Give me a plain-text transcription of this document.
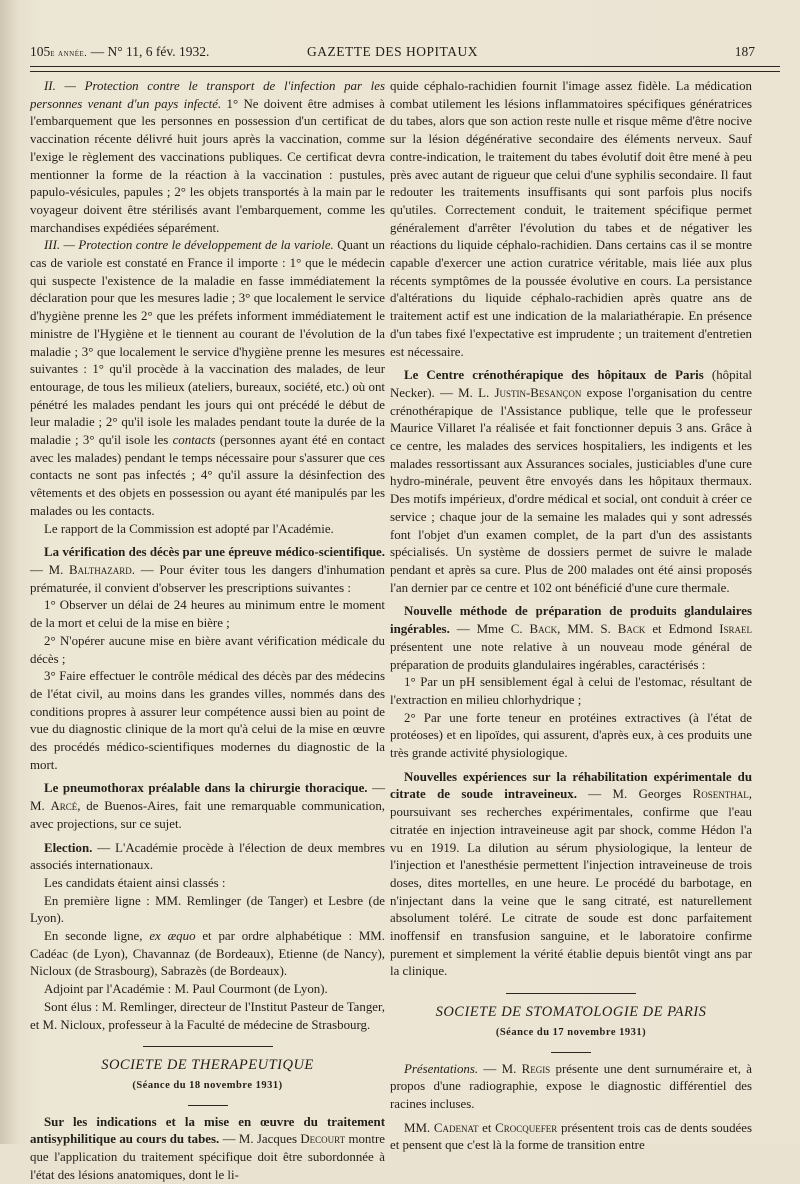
105e année. — N° 11, 6 fév. 1932.	GAZETTE DES HOPITAUX	187

II. — Protection contre le transport de l'infection par les personnes venant d'un pays infecté. 1° Ne doivent être admises à l'embarquement que les personnes en possession d'un certificat de vaccination récente délivré huit jours après la vaccination, comme l'exige le règlement des vaccinations publiques. Ce certificat devra mentionner la forme de la réaction à la vaccination : pustules, papulo-vésicules, papules ; 2° les objets transportés à la main par le voyageur doivent être stérilisés avant l'embarquement, comme les marchandises expédiées séparément.

III. — Protection contre le développement de la variole. Quant un cas de variole est constaté en France il importe : 1° que le médecin qui suspecte l'existence de la maladie en fasse immédiatement la déclaration pour que les mesures ladie ; 3° que localement le service d'hygiène prenne les 2° que les préfets informent immédiatement le ministre de l'Hygiène et le tiennent au courant de l'évolution de la maladie ; 3° que localement le service d'hygiène prenne les mesures suivantes : 1° qu'il procède à la vaccination des malades, de leur entourage, de tous les milieux (ateliers, bureaux, société, etc.) où ont pénétré les malades pendant les jours qui ont précédé le début de leur maladie ; 2° qu'il isole les malades pendant toute la durée de la maladie ; 3° qu'il isole les contacts (personnes ayant été en contact avec les malades) pendant le temps nécessaire pour s'assurer que ces contacts ne sont pas infectés ; 4° qu'il assure la désinfection des vêtements et des objets en possession ou ayant été manipulés par les malades ou les contacts.

Le rapport de la Commission est adopté par l'Académie.

La vérification des décès par une épreuve médico-scientifique. — M. Balthazard. — Pour éviter tous les dangers d'inhumation prématurée, il convient d'observer les prescriptions suivantes :

1° Observer un délai de 24 heures au minimum entre le moment de la mort et celui de la mise en bière ;

2° N'opérer aucune mise en bière avant vérification médicale du décès ;

3° Faire effectuer le contrôle médical des décès par des médecins de l'état civil, au moins dans les grandes villes, nommés dans des conditions propres à assurer leur compétence aussi bien au point de vue du diagnostic clinique de la mort qu'à celui de la mise en œuvre des procédés médico-scientifiques modernes du diagnostic de la mort.

Le pneumothorax préalable dans la chirurgie thoracique. — M. Arcé, de Buenos-Aires, fait une remarquable communication, avec projections, sur ce sujet.

Election. — L'Académie procède à l'élection de deux membres associés internationaux.

Les candidats étaient ainsi classés :

En première ligne : MM. Remlinger (de Tanger) et Lesbre (de Lyon).

En seconde ligne, ex æquo et par ordre alphabétique : MM. Cadéac (de Lyon), Chavannaz (de Bordeaux), Etienne (de Nancy), Nicloux (de Strasbourg), Sabrazès (de Bordeaux).

Adjoint par l'Académie : M. Paul Courmont (de Lyon).

Sont élus : M. Remlinger, directeur de l'Institut Pasteur de Tanger, et M. Nicloux, professeur à la Faculté de médecine de Strasbourg.

SOCIETE DE THERAPEUTIQUE

(Séance du 18 novembre 1931)

Sur les indications et la mise en œuvre du traitement antisyphilitique au cours du tabes. — M. Jacques Decourt montre que l'application du traitement spécifique doit être subordonnée à l'état des lésions anatomiques, dont le li-

quide céphalo-rachidien fournit l'image assez fidèle. La médication combat utilement les lésions inflammatoires spécifiques génératrices du tabes, alors que son action reste nulle et risque même d'être nocive sur la lésion dégénérative secondaire des éléments nerveux. Sauf contre-indication, le traitement du tabes évolutif doit être mené à peu près avec autant de rigueur que celui d'une syphilis secondaire. Il faut redouter les traitements insuffisants qui sont parfois plus nocifs qu'utiles. Correctement conduit, le traitement spécifique permet généralement d'arrêter l'évolution du tabes et de négativer les réactions du liquide céphalo-rachidien. Dans certains cas il se montre capable d'exercer une action curatrice véritable, mais liée aux plus récents symptômes de la poussée évolutive en cours. La persistance d'altérations du liquide céphalo-rachidien après quatre ans de traitement actif est une indication de la malariathérapie. En présence d'un tabes fixé l'expectative est imprudente ; un traitement d'entretien est nécessaire.

Le Centre crénothérapique des hôpitaux de Paris (hôpital Necker). — M. L. Justin-Besançon expose l'organisation du centre crénothérapique de l'Assistance publique, telle que le professeur Maurice Villaret l'a réalisée et fait fonctionner depuis 3 ans. Grâce à ce centre, les malades des services hospitaliers, les indigents et les malades ressortissant aux Assurances sociales, justiciables d'une cure hydro-minérale, peuvent être envoyés dans les hôpitaux thermaux. Des motifs impérieux, d'ordre médical et social, ont conduit à créer ce service ; chaque jour de la semaine les malades qui y sont adressés font l'objet d'un examen complet, de la part d'un des assistants spécialisés. Un système de dossiers permet de suivre le malade pendant et après sa cure. Plus de 200 malades ont été ainsi proposés l'an dernier par ce centre et 102 ont bénéficié d'une cure thermale.

Nouvelle méthode de préparation de produits glandulaires ingérables. — Mme C. Back, MM. S. Back et Edmond Israel présentent une note relative à un nouveau mode général de préparation de produits glandulaires ingérables, caractérisés :

1° Par un pH sensiblement égal à celui de l'estomac, résultant de l'extraction en milieu chlorhydrique ;

2° Par une forte teneur en protéines extractives (à l'état de protéoses) et en lipoïdes, qui assurent, d'après eux, à ces produits une très grande activité physiologique.

Nouvelles expériences sur la réhabilitation expérimentale du citrate de soude intraveineux. — M. Georges Rosenthal, poursuivant ses recherches expérimentales, confirme que l'eau citratée en injection intraveineuse agit par shock, comme Hédon l'a vu en 1919. La dilution au sérum physiologique, la lenteur de l'injection et l'anesthésie permettent l'injection intraveineuse de trois doses, dites mortelles, en une heure. Le procédé du barbotage, en n'injectant dans la veine que le sang citraté, est naturellement absolument toléré. Le citrate de soude est donc parfaitement inoffensif en transfusion sanguine, et le laboratoire confirme purement et simplement la vérité établie depuis bientôt vingt ans par la clinique.

SOCIETE DE STOMATOLOGIE DE PARIS

(Séance du 17 novembre 1931)

Présentations. — M. Regis présente une dent surnuméraire et, à propos d'une radiographie, expose le diagnostic différentiel des racines incluses.

MM. Cadenat et Crocquefer présentent trois cas de dents soudées et pensent que c'est là la forme de transition entre
